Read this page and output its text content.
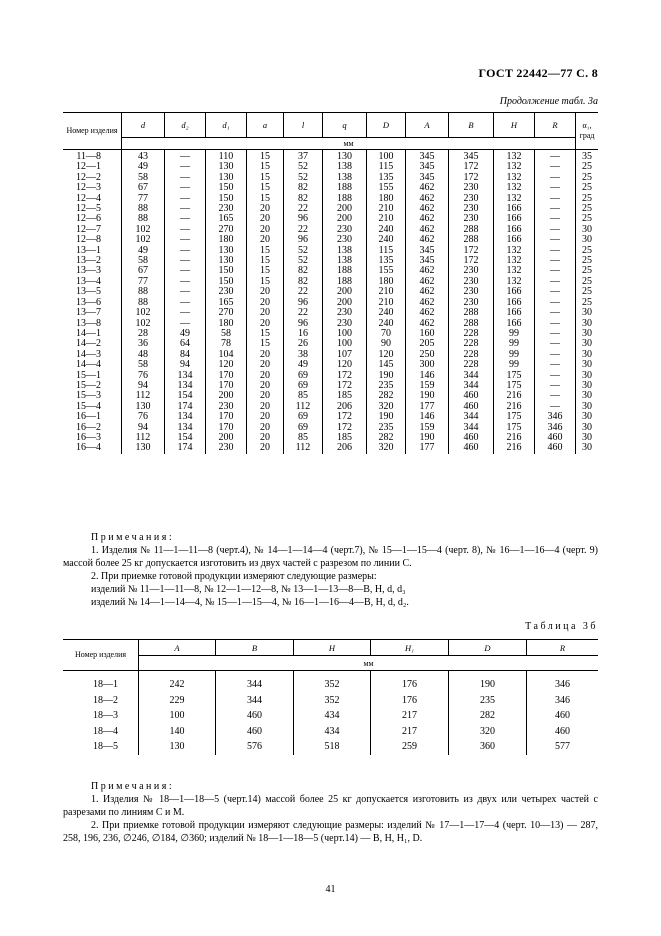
ГОСТ 22442—77 С. 8
Продолжение табл. 3а
Номер изделия	d	d₂	d₁	a	l	q	D	A	B	H	R	α₁, град
	мм											
11—8	43	—	110	15	37	130	100	345	345	132	—	35
12—1	49	—	130	15	52	138	115	345	172	132	—	25
12—2	58	—	130	15	52	138	135	345	172	132	—	25
12—3	67	—	150	15	82	188	155	462	230	132	—	25
12—4	77	—	150	15	82	188	180	462	230	132	—	25
12—5	88	—	230	20	22	200	210	462	230	166	—	25
12—6	88	—	165	20	96	200	210	462	230	166	—	25
12—7	102	—	270	20	22	230	240	462	288	166	—	30
12—8	102	—	180	20	96	230	240	462	288	166	—	30
13—1	49	—	130	15	52	138	115	345	172	132	—	25
13—2	58	—	130	15	52	138	135	345	172	132	—	25
13—3	67	—	150	15	82	188	155	462	230	132	—	25
13—4	77	—	150	15	82	188	180	462	230	132	—	25
13—5	88	—	230	20	22	200	210	462	230	166	—	25
13—6	88	—	165	20	96	200	210	462	230	166	—	25
13—7	102	—	270	20	22	230	240	462	288	166	—	30
13—8	102	—	180	20	96	230	240	462	288	166	—	30
14—1	28	49	58	15	16	100	70	160	228	99	—	30
14—2	36	64	78	15	26	100	90	205	228	99	—	30
14—3	48	84	104	20	38	107	120	250	228	99	—	30
14—4	58	94	120	20	49	120	145	300	228	99	—	30
15—1	76	134	170	20	69	172	190	146	344	175	—	30
15—2	94	134	170	20	69	172	235	159	344	175	—	30
15—3	112	154	200	20	85	185	282	190	460	216	—	30
15—4	130	174	230	20	112	206	320	177	460	216	—	30
16—1	76	134	170	20	69	172	190	146	344	175	346	30
16—2	94	134	170	20	69	172	235	159	344	175	346	30
16—3	112	154	200	20	85	185	282	190	460	216	460	30
16—4	130	174	230	20	112	206	320	177	460	216	460	30
Примечания:
1. Изделия № 11—1—11—8 (черт.4), № 14—1—14—4 (черт.7), № 15—1—15—4 (черт. 8), № 16—1—16—4 (черт. 9) массой более 25 кг допускается изготовить из двух частей с разрезом по линии C.
2. При приемке готовой продукции измеряют следующие размеры:
изделий № 11—1—11—8, № 12—1—12—8, № 13—1—13—8—B, H, d, d₃
изделий № 14—1—14—4, № 15—1—15—4, № 16—1—16—4—B, H, d, d₂.
Таблица 3б
Номер изделия	A	B	H	H₁	D	R
	мм					
18—1	242	344	352	176	190	346
18—2	229	344	352	176	235	346
18—3	100	460	434	217	282	460
18—4	140	460	434	217	320	460
18—5	130	576	518	259	360	577
Примечания:
1. Изделия № 18—1—18—5 (черт.14) массой более 25 кг допускается изготовить из двух или четырех частей с разрезами по линиям C и M.
2. При приемке готовой продукции измеряют следующие размеры: изделий № 17—1—17—4 (черт. 10—13) — 287, 258, 196, 236, ∅246, ∅184, ∅360; изделий № 18—1—18—5 (черт.14) — B, H, H₁, D.
41
